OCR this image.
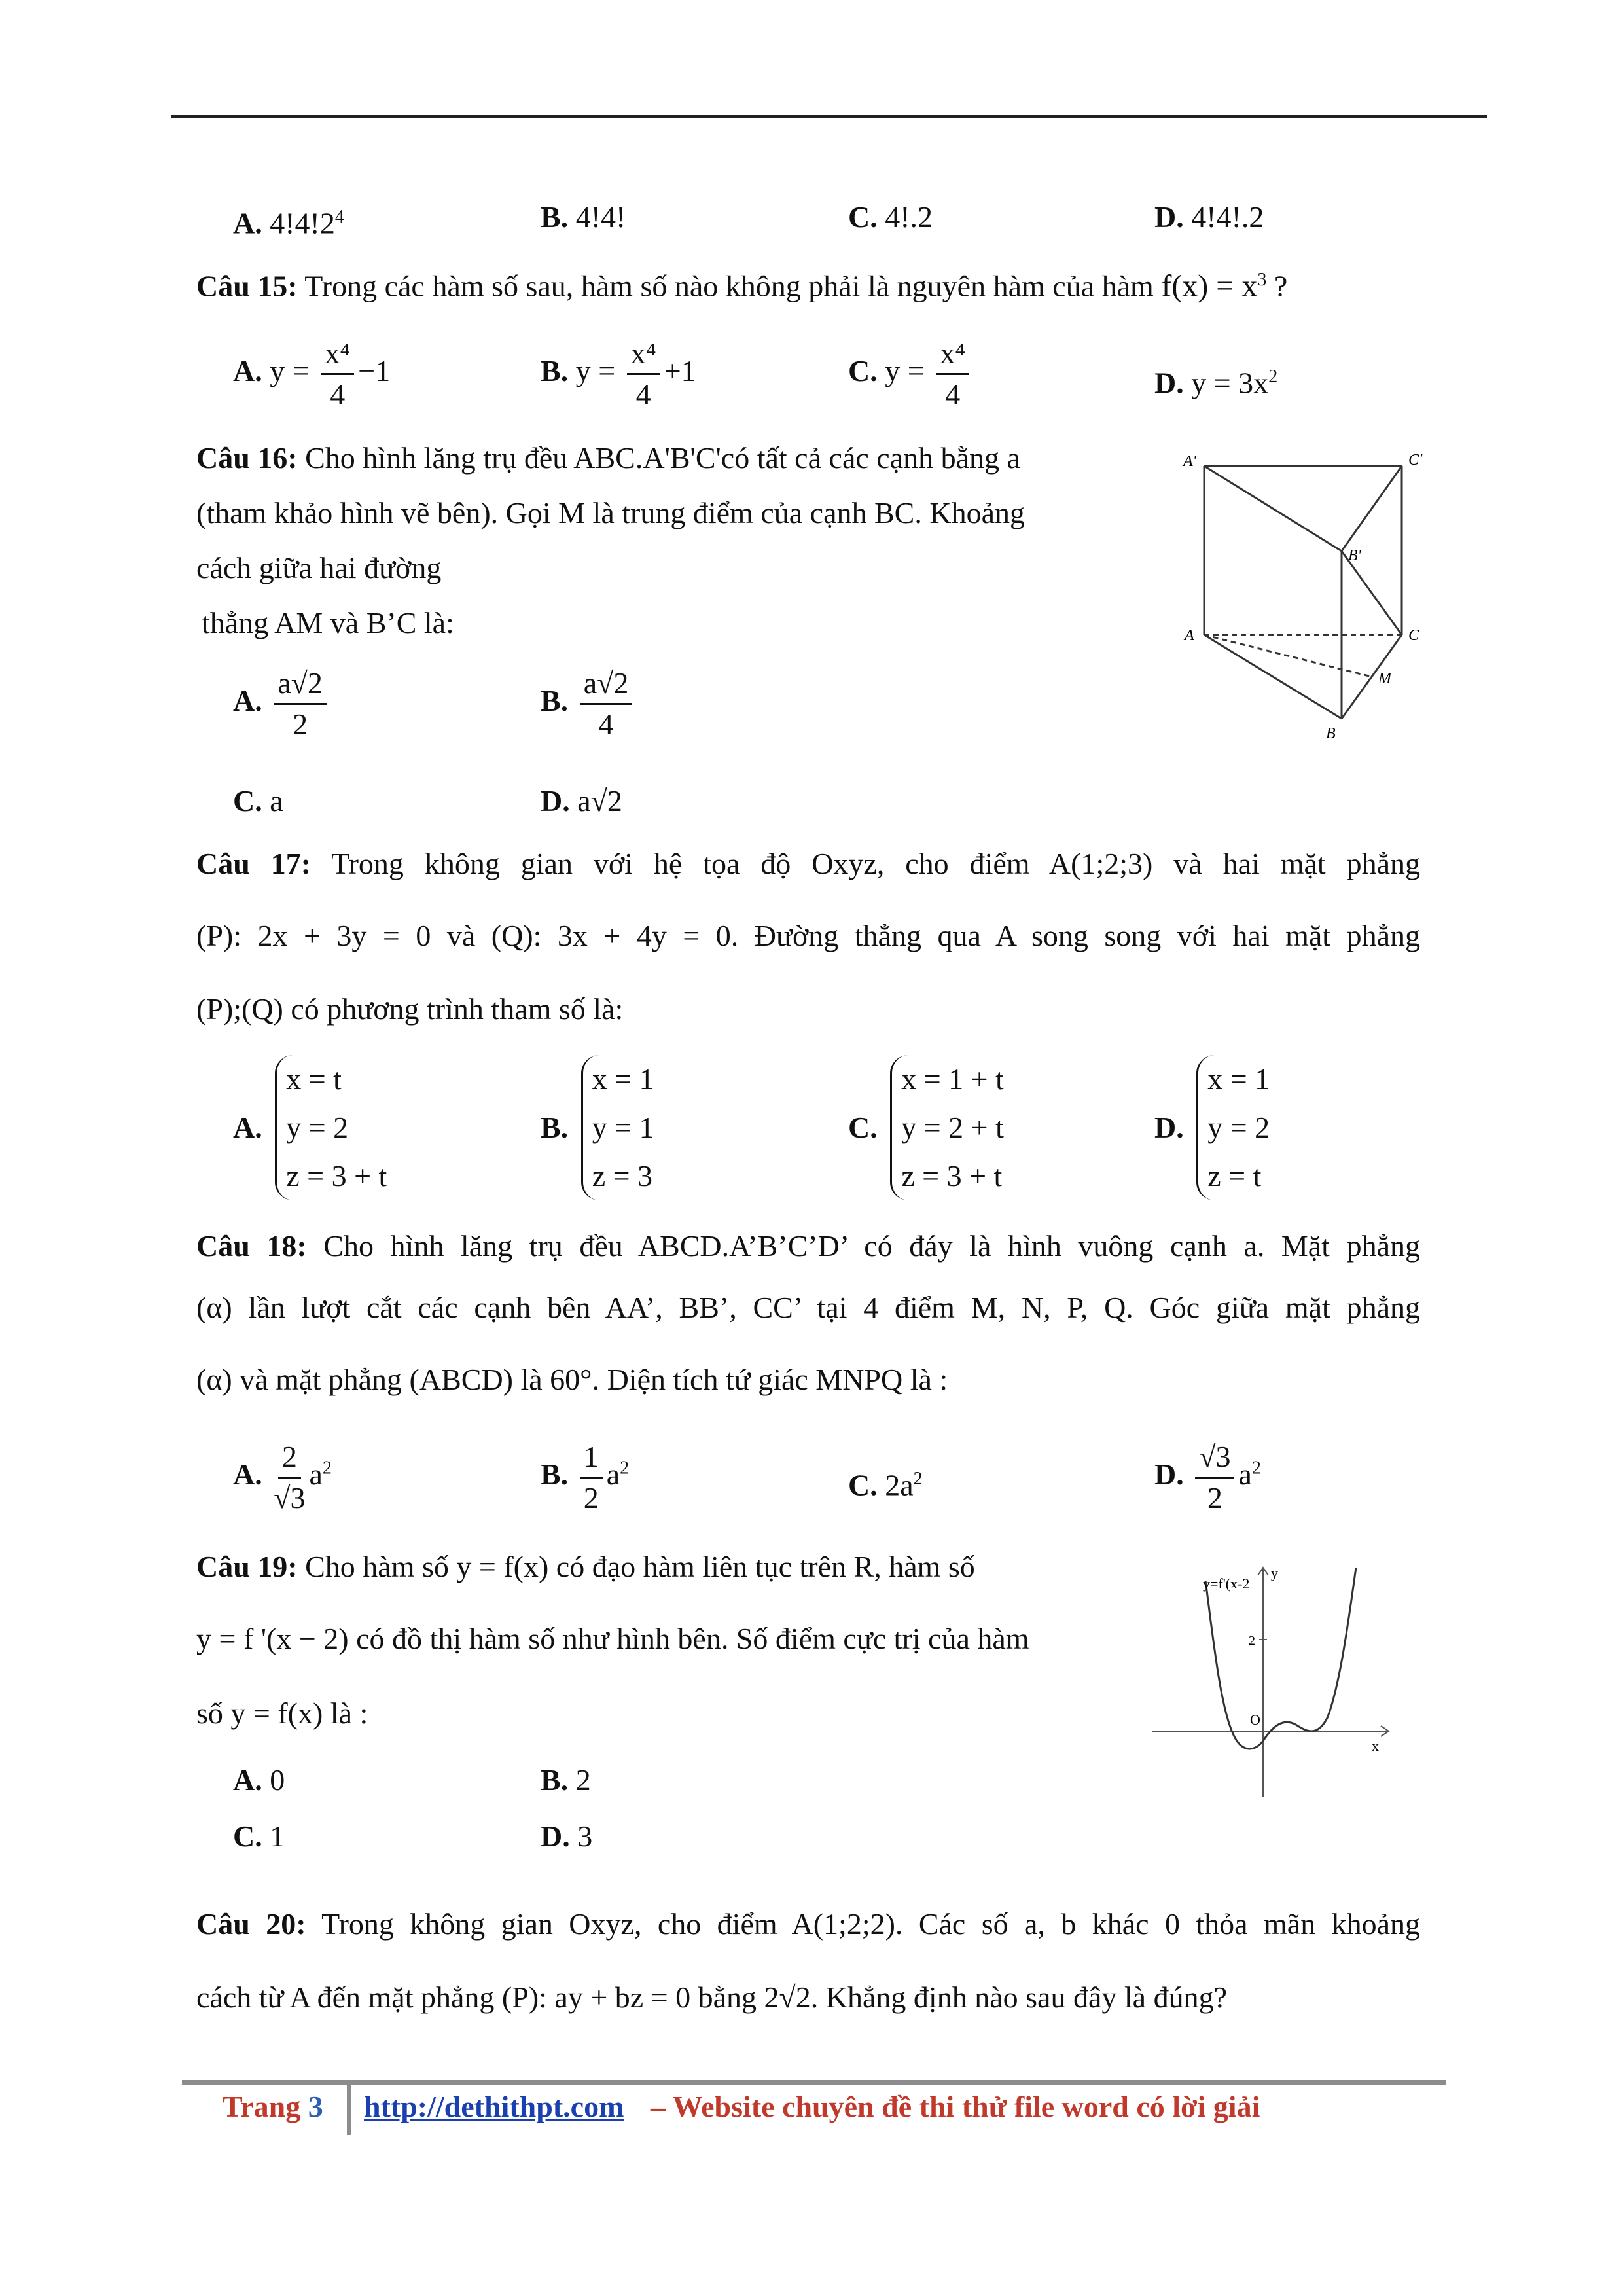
A. $4!4!2^4$	B. 4!4!	C. 4!.2	D. 4!4!.2
Câu 15: Trong các hàm số sau, hàm số nào không phải là nguyên hàm của hàm $f(x) = x^3$ ?
A. $y = \frac{\text{x⁴}}{4} -1$	B. $y = \frac{\text{x⁴}}{4} +1$	C. $y = \frac{\text{x⁴}}{4}$	D. $y = 3x^2$
Câu 16: Cho hình lăng trụ đều ABC.A'B'C'có tất cả các cạnh bằng a
(tham khảo hình vẽ bên). Gọi M là trung điểm của cạnh BC. Khoảng
cách giữa hai đường
thẳng AM và B’C là:
A. $\frac{a√2}{2}$	B. $\frac{a√2}{4}$
C. a	D. a√2
A'	C'
B'
A	C
M
B
Câu 17: Trong không gian với hệ tọa độ Oxyz, cho điểm A(1;2;3) và hai mặt phẳng
(P): 2x + 3y = 0 và (Q): 3x + 4y = 0. Đường thẳng qua A song song với hai mặt phẳng
(P);(Q) có phương trình tham số là:
A.
x = t
y = 2
z = 3 + t
B.
x = 1
y = 1
z = 3
C.
x = 1 + t
y = 2 + t
z = 3 + t
D.
x = 1
y = 2
z = t
Câu 18: Cho hình lăng trụ đều ABCD.A’B’C’D’ có đáy là hình vuông cạnh a. Mặt phẳng
(α) lần lượt cắt các cạnh bên AA’, BB’, CC’ tại 4 điểm M, N, P, Q. Góc giữa mặt phẳng
(α) và mặt phẳng (ABCD) là 60°. Diện tích tứ giác MNPQ là :
A. $\frac{2}{√3} a^2$	B. $\frac{1}{2} a^2$
C. $2a^2$	D. $\frac{√3}{2} a^2$
Câu 19: Cho hàm số y = f(x) có đạo hàm liên tục trên R, hàm số
y = f '(x − 2) có đồ thị hàm số như hình bên. Số điểm cực trị của hàm
số y = f(x) là :
A. 0	B. 2
C. 1	D. 3
y=f'(x-2
y
x
O
2
Câu 20: Trong không gian Oxyz, cho điểm A(1;2;2). Các số a, b khác 0 thỏa mãn khoảng
cách từ A đến mặt phẳng (P): ay + bz = 0 bằng 2√2. Khẳng định nào sau đây là đúng?
Trang 3 http://dethithpt.com – Website chuyên đề thi thử file word có lời giải
